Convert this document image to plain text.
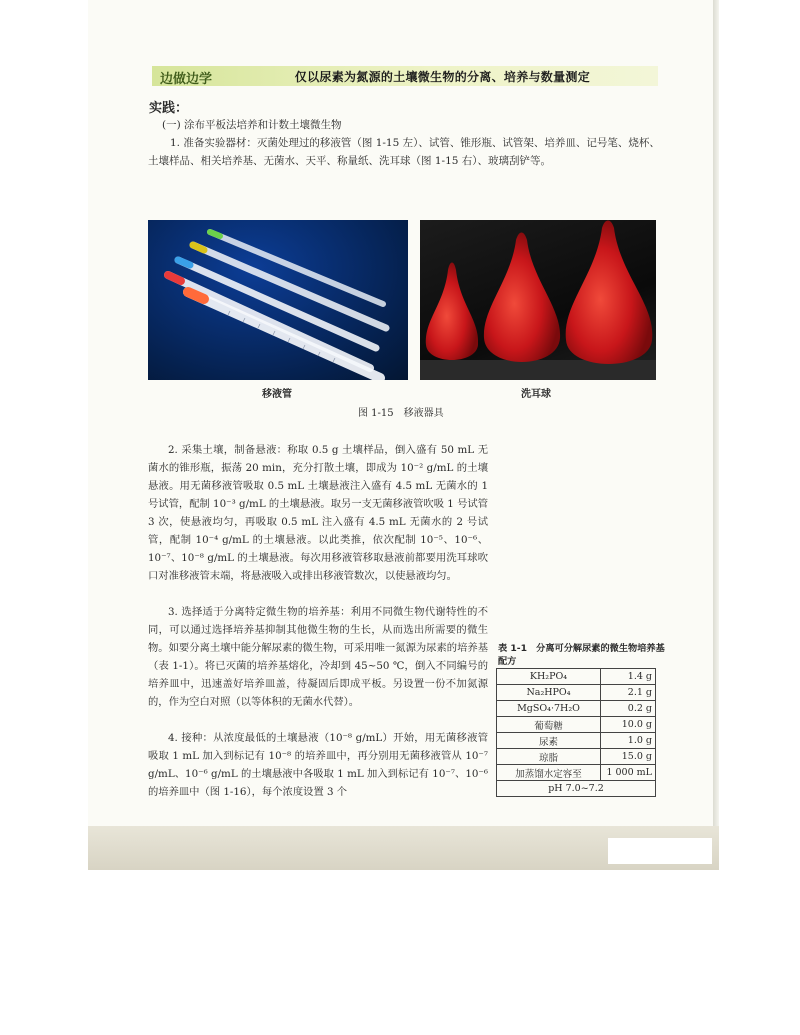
边做边学	仅以尿素为氮源的土壤微生物的分离、培养与数量测定
实践：
(一) 涂布平板法培养和计数土壤微生物
1. 准备实验器材：灭菌处理过的移液管（图 1-15 左）、试管、锥形瓶、试管架、培养皿、记号笔、烧杯、土壤样品、相关培养基、无菌水、天平、称量纸、洗耳球（图 1-15 右）、玻璃刮铲等。
移液管	洗耳球
图 1-15　移液器具

2. 采集土壤，制备悬液：称取 0.5 g 土壤样品，倒入盛有 50 mL 无菌水的锥形瓶，振荡 20 min，充分打散土壤，即成为 10⁻² g/mL 的土壤悬液。用无菌移液管吸取 0.5 mL 土壤悬液注入盛有 4.5 mL 无菌水的 1 号试管，配制 10⁻³ g/mL 的土壤悬液。取另一支无菌移液管吹吸 1 号试管 3 次，使悬液均匀，再吸取 0.5 mL 注入盛有 4.5 mL 无菌水的 2 号试管，配制 10⁻⁴ g/mL 的土壤悬液。以此类推，依次配制 10⁻⁵、10⁻⁶、10⁻⁷、10⁻⁸ g/mL 的土壤悬液。每次用移液管移取悬液前都要用洗耳球吹口对准移液管末端，将悬液吸入或排出移液管数次，以使悬液均匀。

3. 选择适于分离特定微生物的培养基：利用不同微生物代谢特性的不同，可以通过选择培养基抑制其他微生物的生长，从而选出所需要的微生物。如要分离土壤中能分解尿素的微生物，可采用唯一氮源为尿素的培养基（表 1-1）。将已灭菌的培养基熔化，冷却到 45~50 ℃，倒入不同编号的培养皿中，迅速盖好培养皿盖，待凝固后即成平板。另设置一份不加氮源的，作为空白对照（以等体积的无菌水代替）。

4. 接种：从浓度最低的土壤悬液（10⁻⁸ g/mL）开始，用无菌移液管吸取 1 mL 加入到标记有 10⁻⁸ 的培养皿中，再分别用无菌移液管从 10⁻⁷ g/mL、10⁻⁶ g/mL 的土壤悬液中各吸取 1 mL 加入到标记有 10⁻⁷、10⁻⁶ 的培养皿中（图 1-16），每个浓度设置 3 个

表 1-1　分离可分解尿素的微生物培养基配方
KH₂PO₄	1.4 g
Na₂HPO₄	2.1 g
MgSO₄·7H₂O	0.2 g
葡萄糖	10.0 g
尿素	1.0 g
琼脂	15.0 g
加蒸馏水定容至	1 000 mL
pH 7.0~7.2	
